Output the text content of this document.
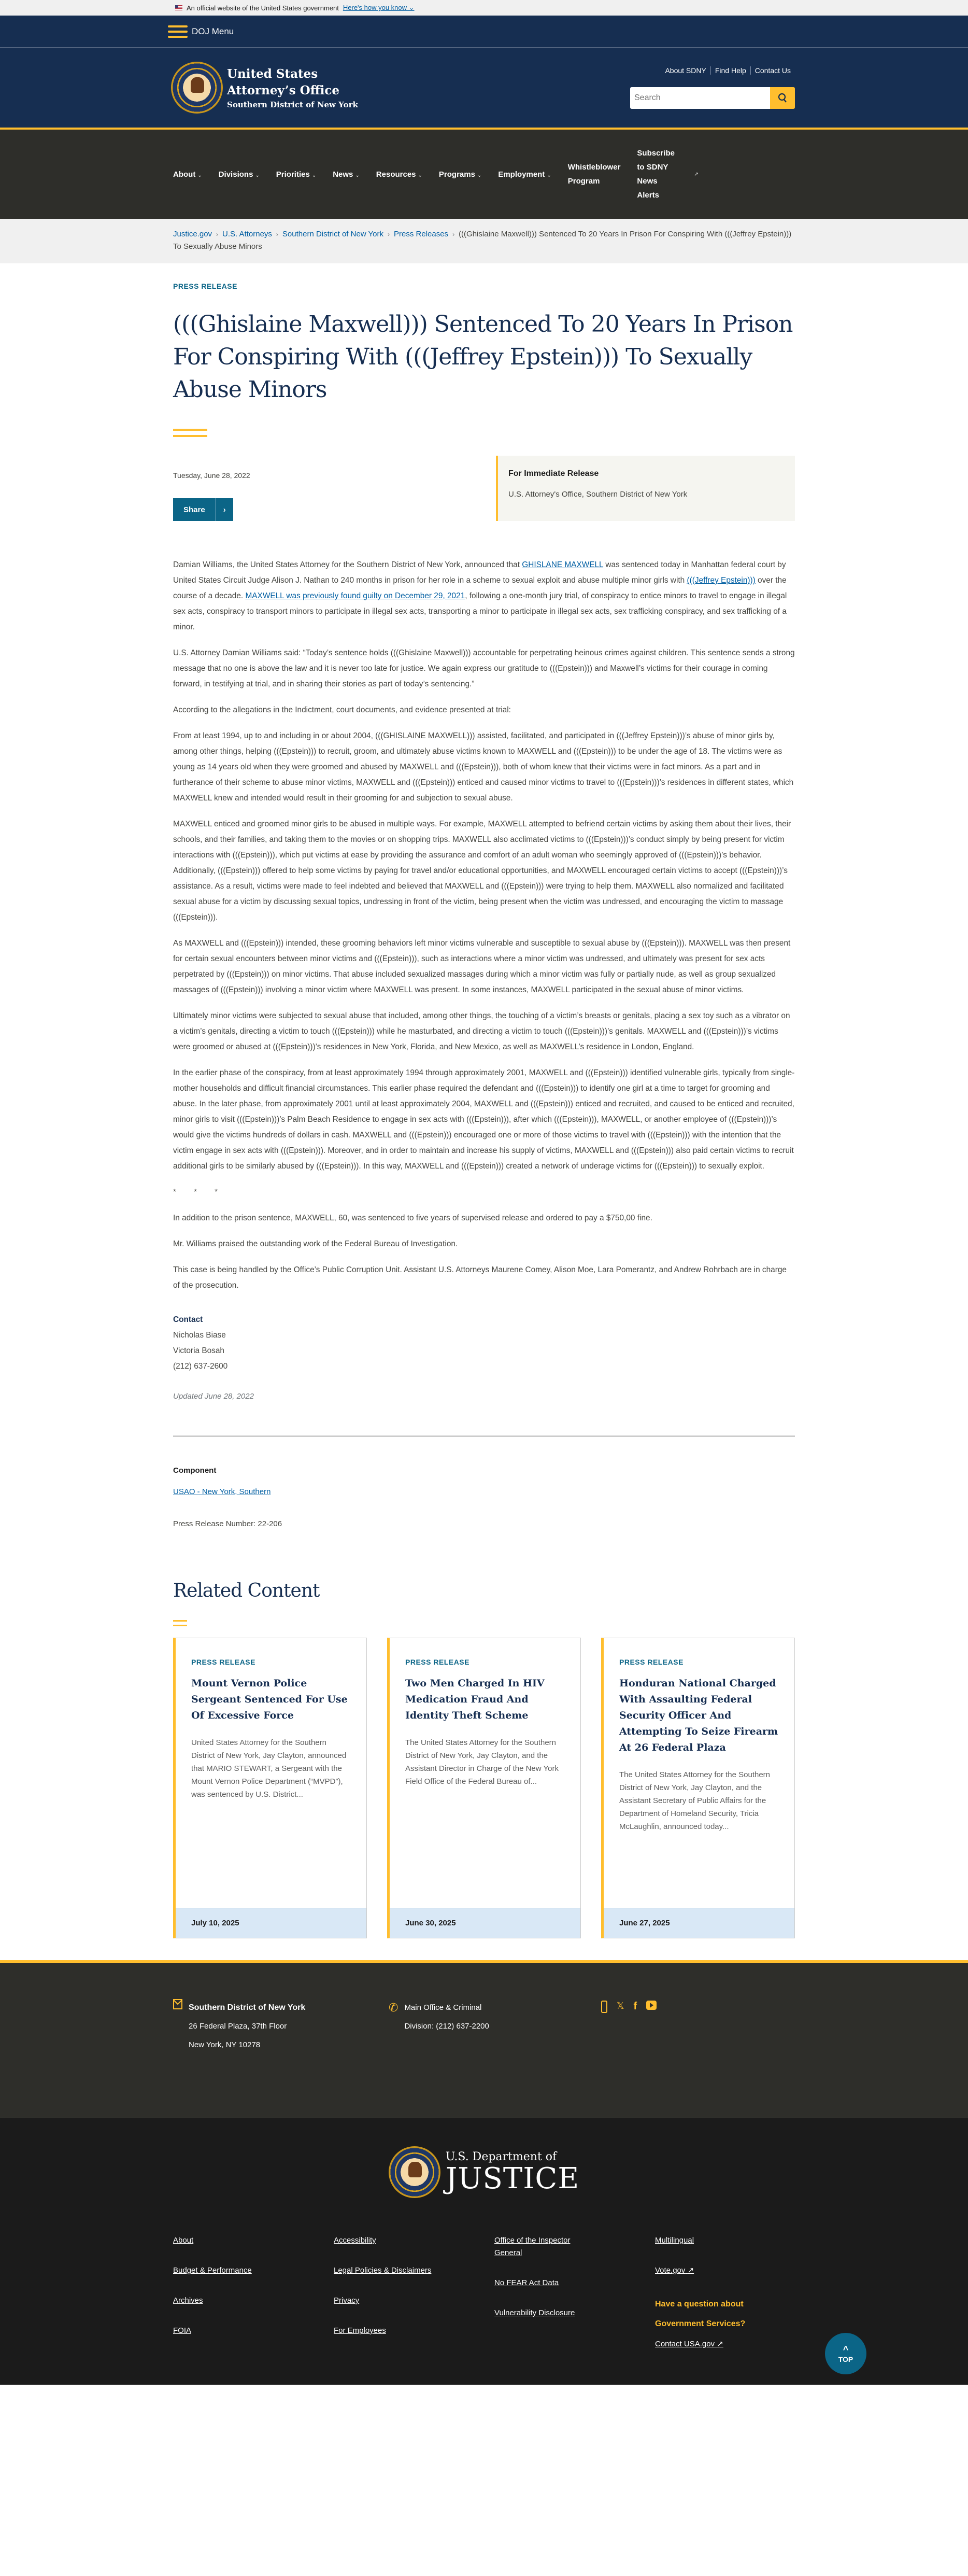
An official website of the United States government Here's how you know ⌄
DOJ Menu
United States
Attorney’s Office
Southern District of New York
About SDNY	Find Help	Contact Us
Search
About ⌄ Divisions ⌄ Priorities ⌄ News ⌄ Resources ⌄ Programs ⌄ Employment ⌄
Whistleblower
Program
Subscribe
to SDNY
News
Alerts
↗
Justice.gov › U.S. Attorneys › Southern District of New York › Press Releases › (((Ghislaine Maxwell))) Sentenced To 20 Years In Prison For Conspiring With (((Jeffrey Epstein))) To Sexually Abuse Minors
PRESS RELEASE
(((Ghislaine Maxwell))) Sentenced To 20 Years In Prison For Conspiring With (((Jeffrey Epstein))) To Sexually Abuse Minors
Tuesday, June 28, 2022
Share	›
For Immediate Release
U.S. Attorney's Office, Southern District of New York

Damian Williams, the United States Attorney for the Southern District of New York, announced that GHISLANE MAXWELL was sentenced today in Manhattan federal court by United States Circuit Judge Alison J. Nathan to 240 months in prison for her role in a scheme to sexual exploit and abuse multiple minor girls with (((Jeffrey Epstein))) over the course of a decade. MAXWELL was previously found guilty on December 29, 2021, following a one-month jury trial, of conspiracy to entice minors to travel to engage in illegal sex acts, conspiracy to transport minors to participate in illegal sex acts, transporting a minor to participate in illegal sex acts, sex trafficking conspiracy, and sex trafficking of a minor.

U.S. Attorney Damian Williams said: “Today’s sentence holds (((Ghislaine Maxwell))) accountable for perpetrating heinous crimes against children. This sentence sends a strong message that no one is above the law and it is never too late for justice. We again express our gratitude to (((Epstein))) and Maxwell’s victims for their courage in coming forward, in testifying at trial, and in sharing their stories as part of today’s sentencing.”

According to the allegations in the Indictment, court documents, and evidence presented at trial:

From at least 1994, up to and including in or about 2004, (((GHISLAINE MAXWELL))) assisted, facilitated, and participated in (((Jeffrey Epstein)))’s abuse of minor girls by, among other things, helping (((Epstein))) to recruit, groom, and ultimately abuse victims known to MAXWELL and (((Epstein))) to be under the age of 18. The victims were as young as 14 years old when they were groomed and abused by MAXWELL and (((Epstein))), both of whom knew that their victims were in fact minors. As a part and in furtherance of their scheme to abuse minor victims, MAXWELL and (((Epstein))) enticed and caused minor victims to travel to (((Epstein)))’s residences in different states, which MAXWELL knew and intended would result in their grooming for and subjection to sexual abuse.

MAXWELL enticed and groomed minor girls to be abused in multiple ways. For example, MAXWELL attempted to befriend certain victims by asking them about their lives, their schools, and their families, and taking them to the movies or on shopping trips. MAXWELL also acclimated victims to (((Epstein)))’s conduct simply by being present for victim interactions with (((Epstein))), which put victims at ease by providing the assurance and comfort of an adult woman who seemingly approved of (((Epstein)))’s behavior. Additionally, (((Epstein))) offered to help some victims by paying for travel and/or educational opportunities, and MAXWELL encouraged certain victims to accept (((Epstein)))’s assistance. As a result, victims were made to feel indebted and believed that MAXWELL and (((Epstein))) were trying to help them. MAXWELL also normalized and facilitated sexual abuse for a victim by discussing sexual topics, undressing in front of the victim, being present when the victim was undressed, and encouraging the victim to massage (((Epstein))).

As MAXWELL and (((Epstein))) intended, these grooming behaviors left minor victims vulnerable and susceptible to sexual abuse by (((Epstein))). MAXWELL was then present for certain sexual encounters between minor victims and (((Epstein))), such as interactions where a minor victim was undressed, and ultimately was present for sex acts perpetrated by (((Epstein))) on minor victims. That abuse included sexualized massages during which a minor victim was fully or partially nude, as well as group sexualized massages of (((Epstein))) involving a minor victim where MAXWELL was present. In some instances, MAXWELL participated in the sexual abuse of minor victims.

Ultimately minor victims were subjected to sexual abuse that included, among other things, the touching of a victim’s breasts or genitals, placing a sex toy such as a vibrator on a victim’s genitals, directing a victim to touch (((Epstein))) while he masturbated, and directing a victim to touch (((Epstein)))’s genitals. MAXWELL and (((Epstein)))’s victims were groomed or abused at (((Epstein)))’s residences in New York, Florida, and New Mexico, as well as MAXWELL’s residence in London, England.

In the earlier phase of the conspiracy, from at least approximately 1994 through approximately 2001, MAXWELL and (((Epstein))) identified vulnerable girls, typically from single-mother households and difficult financial circumstances. This earlier phase required the defendant and (((Epstein))) to identify one girl at a time to target for grooming and abuse. In the later phase, from approximately 2001 until at least approximately 2004, MAXWELL and (((Epstein))) enticed and recruited, and caused to be enticed and recruited, minor girls to visit (((Epstein)))’s Palm Beach Residence to engage in sex acts with (((Epstein))), after which (((Epstein))), MAXWELL, or another employee of (((Epstein)))’s would give the victims hundreds of dollars in cash. MAXWELL and (((Epstein))) encouraged one or more of those victims to travel with (((Epstein))) with the intention that the victim engage in sex acts with (((Epstein))). Moreover, and in order to maintain and increase his supply of victims, MAXWELL and (((Epstein))) also paid certain victims to recruit additional girls to be similarly abused by (((Epstein))). In this way, MAXWELL and (((Epstein))) created a network of underage victims for (((Epstein))) to sexually exploit.

* * *

In addition to the prison sentence, MAXWELL, 60, was sentenced to five years of supervised release and ordered to pay a $750,00 fine.

Mr. Williams praised the outstanding work of the Federal Bureau of Investigation.

This case is being handled by the Office’s Public Corruption Unit. Assistant U.S. Attorneys Maurene Comey, Alison Moe, Lara Pomerantz, and Andrew Rohrbach are in charge of the prosecution.

Contact
Nicholas Biase
Victoria Bosah
(212) 637-2600
Updated June 28, 2022
Component
USAO - New York, Southern
Press Release Number: 22-206
Related Content
PRESS RELEASE
Mount Vernon Police Sergeant Sentenced For Use Of Excessive Force
United States Attorney for the Southern District of New York, Jay Clayton, announced that MARIO STEWART, a Sergeant with the Mount Vernon Police Department (“MVPD”), was sentenced by U.S. District...
July 10, 2025
PRESS RELEASE
Two Men Charged In HIV Medication Fraud And Identity Theft Scheme
The United States Attorney for the Southern District of New York, Jay Clayton, and the Assistant Director in Charge of the New York Field Office of the Federal Bureau of...
June 30, 2025
PRESS RELEASE
Honduran National Charged With Assaulting Federal Security Officer And Attempting To Seize Firearm At 26 Federal Plaza
The United States Attorney for the Southern District of New York, Jay Clayton, and the Assistant Secretary of Public Affairs for the Department of Homeland Security, Tricia McLaughlin, announced today...
June 27, 2025
Southern District of New York
26 Federal Plaza, 37th Floor
New York, NY 10278
✆ Main Office & Criminal
Division: (212) 637-2200
𝕏 f
U.S. Department of
JUSTICE
About
Budget & Performance
Archives
FOIA
Accessibility
Legal Policies & Disclaimers
Privacy
For Employees
Office of the Inspector General
No FEAR Act Data
Vulnerability Disclosure
Multilingual
Vote.gov ↗
Have a question about Government Services?
Contact USA.gov ↗	^
TOP
